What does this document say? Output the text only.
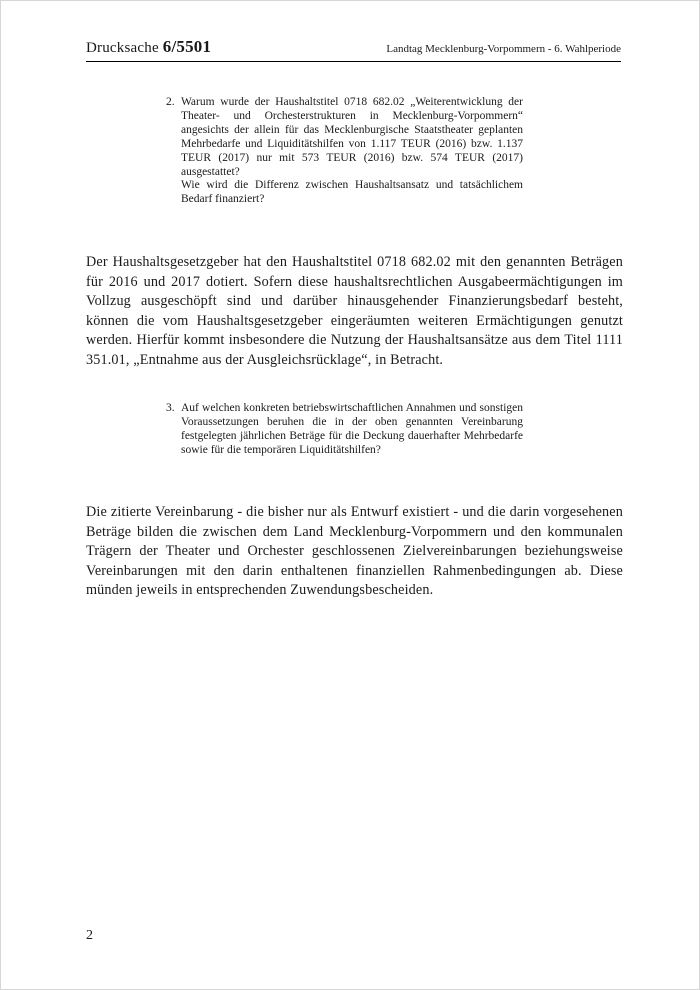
Drucksache 6/5501	Landtag Mecklenburg-Vorpommern - 6. Wahlperiode
2. Warum wurde der Haushaltstitel 0718 682.02 „Weiterentwicklung der Theater- und Orchesterstrukturen in Mecklenburg-Vorpommern“ angesichts der allein für das Mecklenburgische Staatstheater geplanten Mehrbedarfe und Liquiditätshilfen von 1.117 TEUR (2016) bzw. 1.137 TEUR (2017) nur mit 573 TEUR (2016) bzw. 574 TEUR (2017) ausgestattet?

Wie wird die Differenz zwischen Haushaltsansatz und tatsächlichem Bedarf finanziert?

Der Haushaltsgesetzgeber hat den Haushaltstitel 0718 682.02 mit den genannten Beträgen für 2016 und 2017 dotiert. Sofern diese haushaltsrechtlichen Ausgabeermächtigungen im Vollzug ausgeschöpft sind und darüber hinausgehender Finanzierungsbedarf besteht, können die vom Haushaltsgesetzgeber eingeräumten weiteren Ermächtigungen genutzt werden. Hierfür kommt insbesondere die Nutzung der Haushaltsansätze aus dem Titel 1111 351.01, „Entnahme aus der Ausgleichsrücklage“, in Betracht.

3. Auf welchen konkreten betriebswirtschaftlichen Annahmen und sonstigen Voraussetzungen beruhen die in der oben genannten Vereinbarung festgelegten jährlichen Beträge für die Deckung dauerhafter Mehrbedarfe sowie für die temporären Liquiditätshilfen?

Die zitierte Vereinbarung - die bisher nur als Entwurf existiert - und die darin vorgesehenen Beträge bilden die zwischen dem Land Mecklenburg-Vorpommern und den kommunalen Trägern der Theater und Orchester geschlossenen Zielvereinbarungen beziehungsweise Vereinbarungen mit den darin enthaltenen finanziellen Rahmenbedingungen ab. Diese münden jeweils in entsprechenden Zuwendungsbescheiden.

2
